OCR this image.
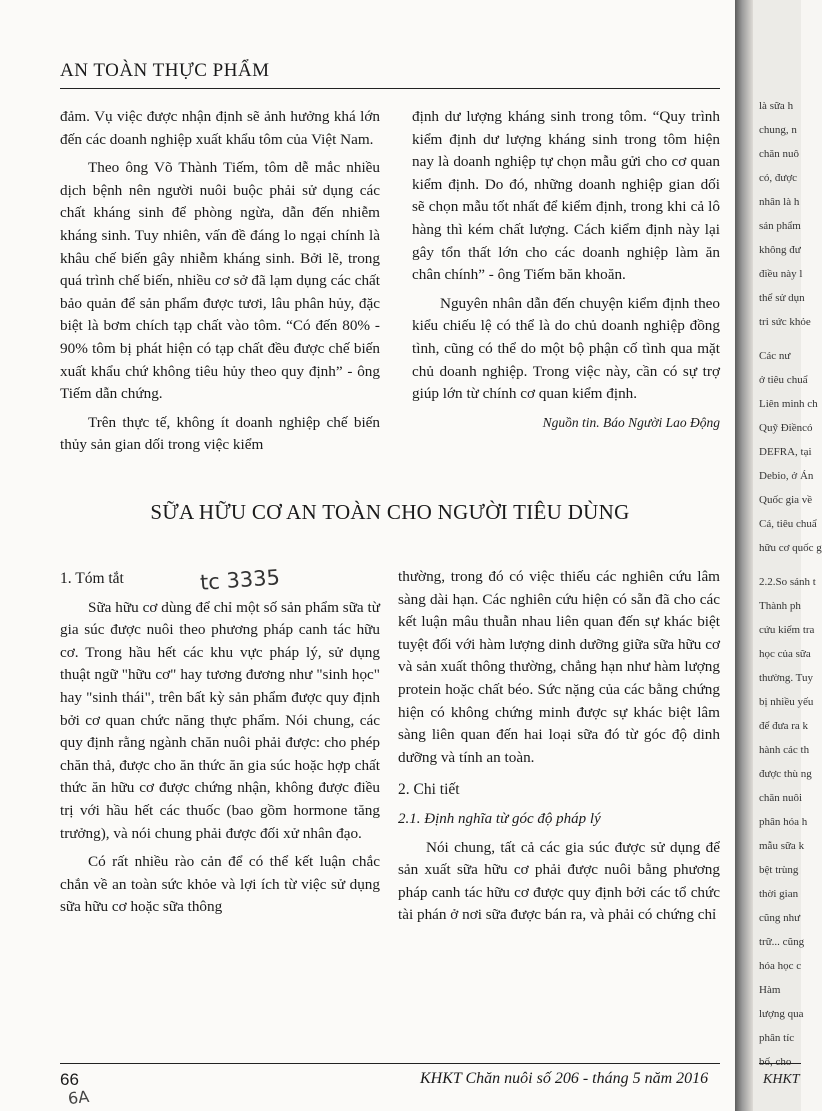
AN TOÀN THỰC PHẨM

đảm. Vụ việc được nhận định sẽ ảnh hưởng khá lớn đến các doanh nghiệp xuất khẩu tôm của Việt Nam.

Theo ông Võ Thành Tiếm, tôm dễ mắc nhiều dịch bệnh nên người nuôi buộc phải sử dụng các chất kháng sinh để phòng ngừa, dẫn đến nhiễm kháng sinh. Tuy nhiên, vấn đề đáng lo ngại chính là khâu chế biến gây nhiễm kháng sinh. Bởi lẽ, trong quá trình chế biến, nhiều cơ sở đã lạm dụng các chất bảo quản để sản phẩm được tươi, lâu phân hủy, đặc biệt là bơm chích tạp chất vào tôm. “Có đến 80% - 90% tôm bị phát hiện có tạp chất đều được chế biến xuất khẩu chứ không tiêu hủy theo quy định” - ông Tiếm dẫn chứng.

Trên thực tế, không ít doanh nghiệp chế biến thủy sản gian dối trong việc kiểm

định dư lượng kháng sinh trong tôm. “Quy trình kiểm định dư lượng kháng sinh trong tôm hiện nay là doanh nghiệp tự chọn mẫu gửi cho cơ quan kiểm định. Do đó, những doanh nghiệp gian dối sẽ chọn mẫu tốt nhất để kiểm định, trong khi cả lô hàng thì kém chất lượng. Cách kiểm định này lại gây tổn thất lớn cho các doanh nghiệp làm ăn chân chính” - ông Tiếm băn khoăn.

Nguyên nhân dẫn đến chuyện kiểm định theo kiểu chiếu lệ có thể là do chủ doanh nghiệp đồng tình, cũng có thể do một bộ phận cố tình qua mặt chủ doanh nghiệp. Trong việc này, cần có sự trợ giúp lớn từ chính cơ quan kiểm định.

Nguồn tin. Báo Người Lao Động
SỮA HỮU CƠ AN TOÀN CHO NGƯỜI TIÊU DÙNG
tc 3335
1. Tóm tắt

Sữa hữu cơ dùng để chỉ một số sản phẩm sữa từ gia súc được nuôi theo phương pháp canh tác hữu cơ. Trong hầu hết các khu vực pháp lý, sử dụng thuật ngữ "hữu cơ" hay tương đương như "sinh học" hay "sinh thái", trên bất kỳ sản phẩm được quy định bởi cơ quan chức năng thực phẩm. Nói chung, các quy định rằng ngành chăn nuôi phải được: cho phép chăn thả, được cho ăn thức ăn gia súc hoặc hợp chất thức ăn hữu cơ được chứng nhận, không được điều trị với hầu hết các thuốc (bao gồm hormone tăng trưởng), và nói chung phải được đối xử nhân đạo.

Có rất nhiều rào cản để có thể kết luận chắc chắn về an toàn sức khỏe và lợi ích từ việc sử dụng sữa hữu cơ hoặc sữa thông

thường, trong đó có việc thiếu các nghiên cứu lâm sàng dài hạn. Các nghiên cứu hiện có sẵn đã cho các kết luận mâu thuẫn nhau liên quan đến sự khác biệt tuyệt đối với hàm lượng dinh dưỡng giữa sữa hữu cơ và sản xuất thông thường, chẳng hạn như hàm lượng protein hoặc chất béo. Sức nặng của các bằng chứng hiện có không chứng minh được sự khác biệt lâm sàng liên quan đến hai loại sữa đó từ góc độ dinh dưỡng và tính an toàn.

2. Chi tiết
2.1. Định nghĩa từ góc độ pháp lý

Nói chung, tất cả các gia súc được sử dụng để sản xuất sữa hữu cơ phải được nuôi bằng phương pháp canh tác hữu cơ được quy định bởi các tổ chức tài phán ở nơi sữa được bán ra, và phải có chứng chỉ

66	KHKT Chăn nuôi số 206 - tháng 5 năm 2016
6A
là sữa h
chung, n
chăn nuô
có, được
nhân là h
sản phẩm
không đư
điều này l
thể sử dụn
tri sức khỏe
Các nư
ở tiêu chuẩ
Liên minh ch
Quỹ Điềncó
DEFRA, tại
Debio, ở Án
Quốc gia về
Cá, tiêu chuẩ
hữu cơ quốc g
2.2.So sánh t
Thành ph
cứu kiểm tra
học của sữa
thường. Tuy
bị nhiều yếu
để đưa ra k
hành các th
được thù ng
chăn nuôi
phân hóa h
mẫu sữa k
bệt trùng
thời gian
cũng như
trữ... cũng
hóa học c
Hàm
lượng qua
phân tíc
bố, cho
KHKT
